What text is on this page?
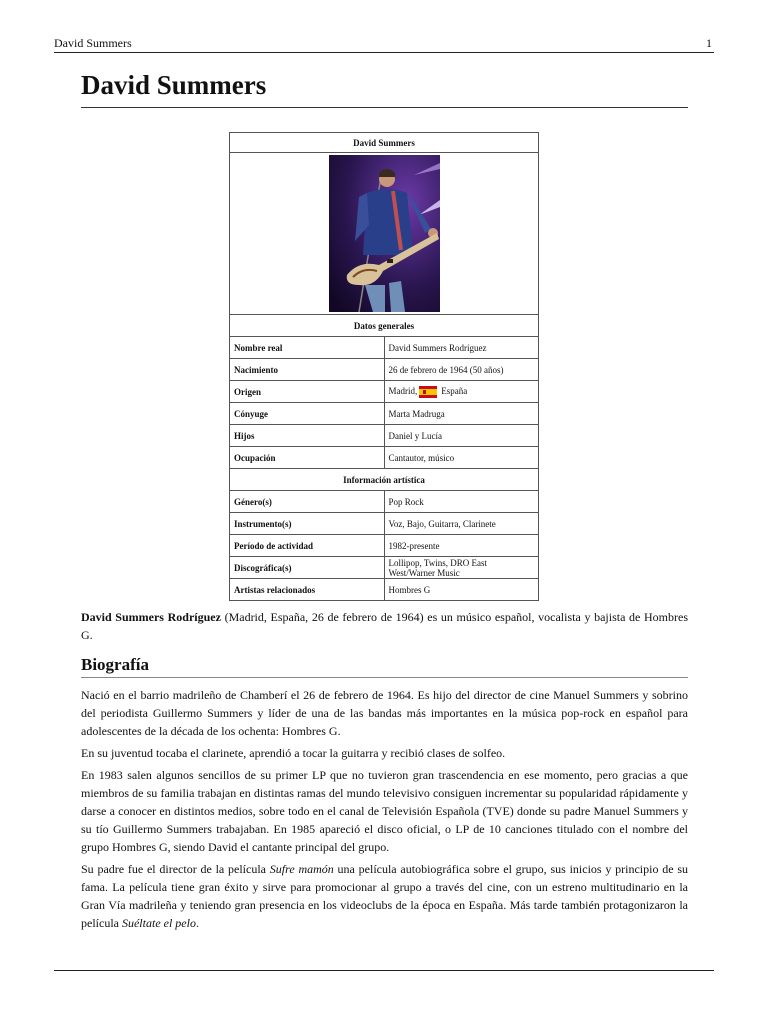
David Summers	1
David Summers
David Summers	

Datos generales	
Nombre real	David Summers Rodríguez
Nacimiento	26 de febrero de 1964 (50 años)
Origen	Madrid, España
Cónyuge	Marta Madruga
Hijos	Daniel y Lucía
Ocupación	Cantautor, músico
Información artística	
Género(s)	Pop Rock
Instrumento(s)	Voz, Bajo, Guitarra, Clarinete
Período de actividad	1982-presente
Discográfica(s)	Lollipop, Twins, DRO East West/Warner Music
Artistas relacionados	Hombres G

David Summers Rodríguez (Madrid, España, 26 de febrero de 1964) es un músico español, vocalista y bajista de Hombres G.

Biografía

Nació en el barrio madrileño de Chamberí el 26 de febrero de 1964. Es hijo del director de cine Manuel Summers y sobrino del periodista Guillermo Summers y líder de una de las bandas más importantes en la música pop-rock en español para adolescentes de la década de los ochenta: Hombres G.

En su juventud tocaba el clarinete, aprendió a tocar la guitarra y recibió clases de solfeo.

En 1983 salen algunos sencillos de su primer LP que no tuvieron gran trascendencia en ese momento, pero gracias a que miembros de su familia trabajan en distintas ramas del mundo televisivo consiguen incrementar su popularidad rápidamente y darse a conocer en distintos medios, sobre todo en el canal de Televisión Española (TVE) donde su padre Manuel Summers y su tío Guillermo Summers trabajaban. En 1985 apareció el disco oficial, o LP de 10 canciones titulado con el nombre del grupo Hombres G, siendo David el cantante principal del grupo.

Su padre fue el director de la película Sufre mamón una película autobiográfica sobre el grupo, sus inicios y principio de su fama. La película tiene gran éxito y sirve para promocionar al grupo a través del cine, con un estreno multitudinario en la Gran Vía madrileña y teniendo gran presencia en los videoclubs de la época en España. Más tarde también protagonizaron la película Suéltate el pelo.
